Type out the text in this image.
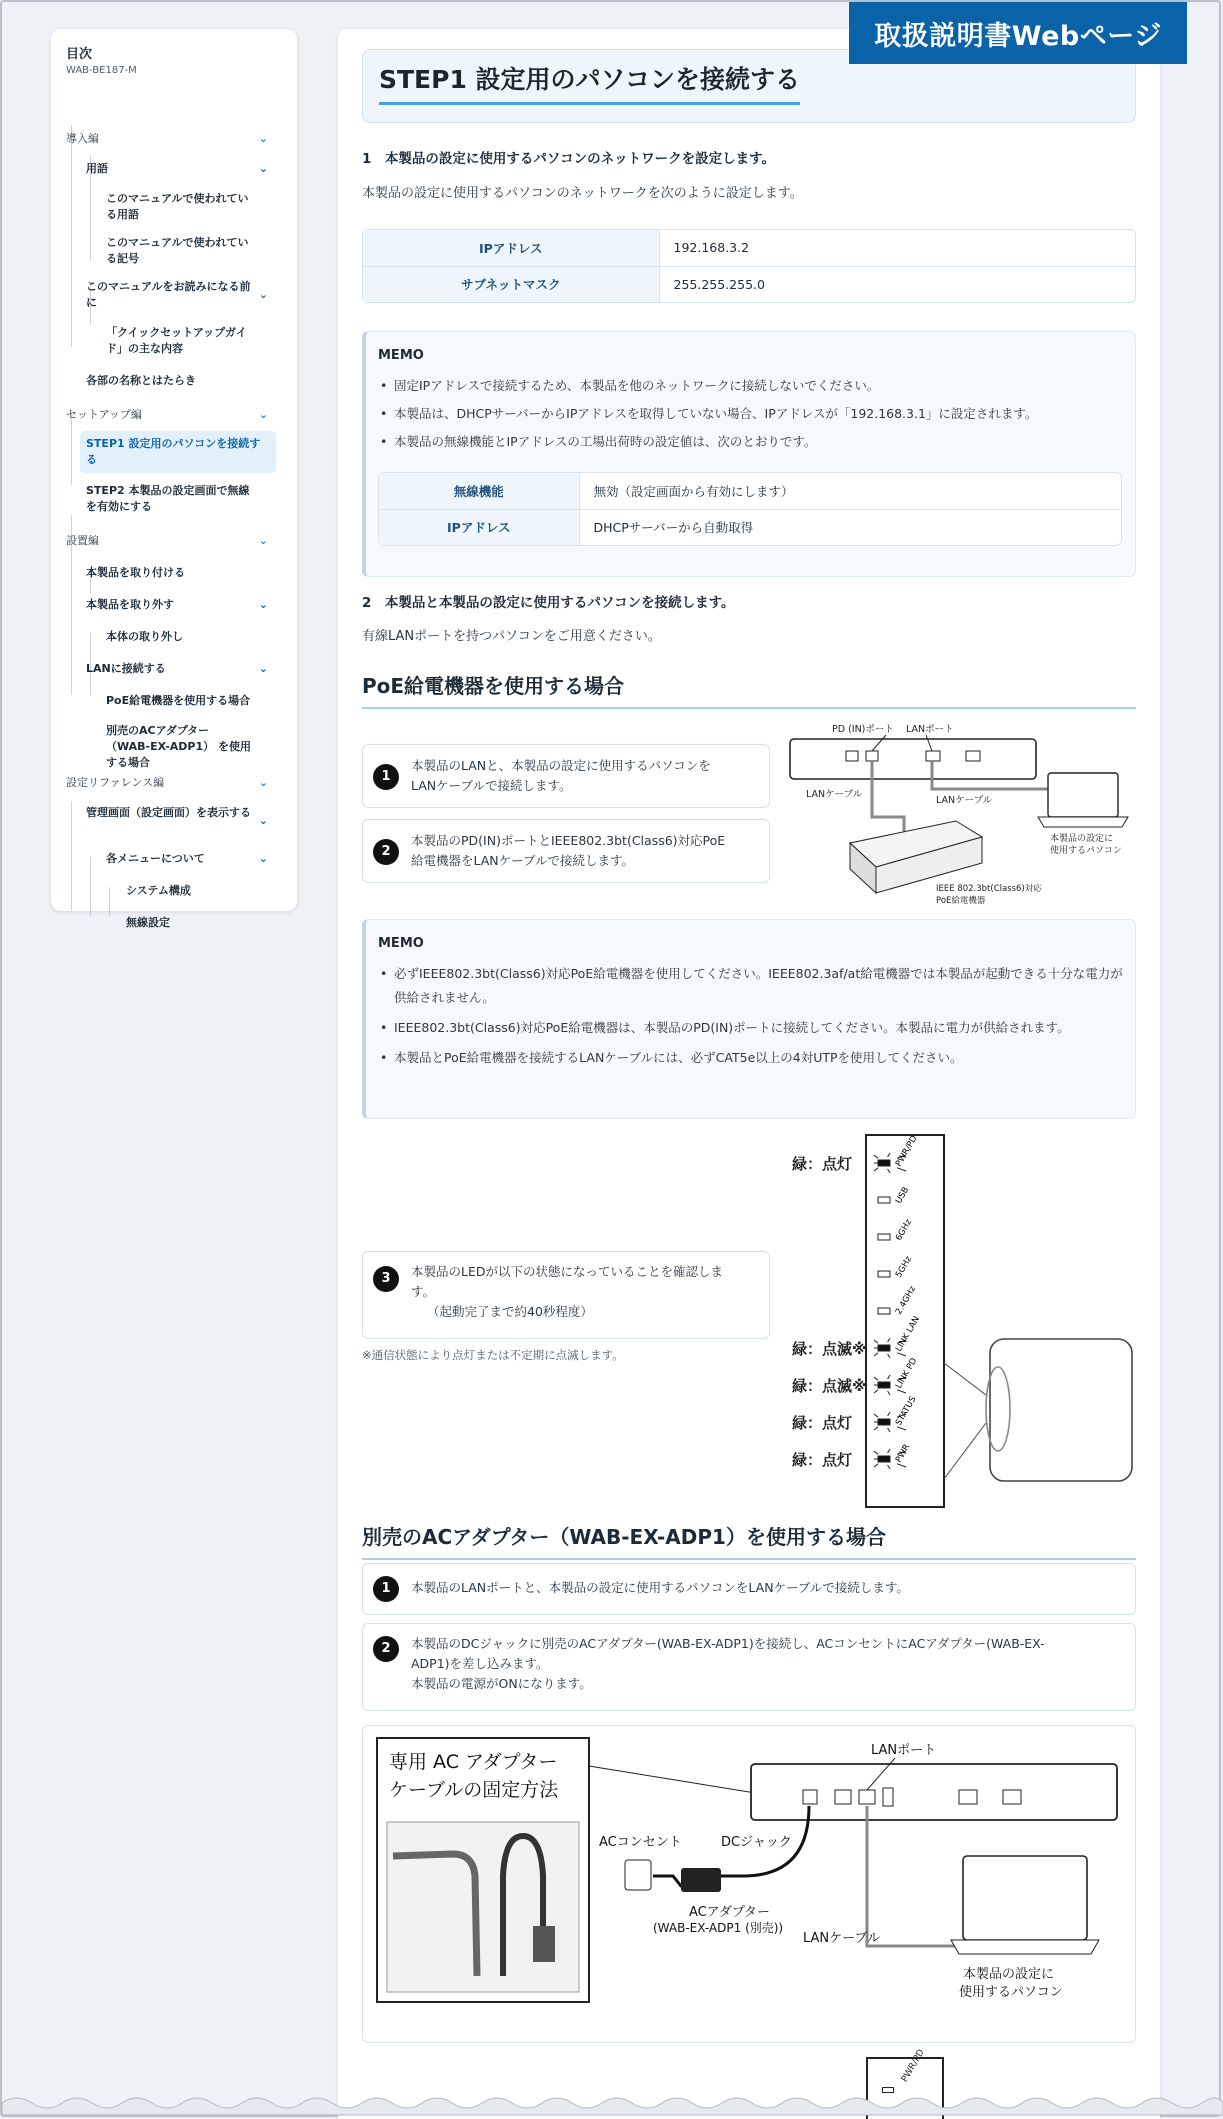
取扱説明書Webページ
目次
WAB-BE187-M
導入編	⌄
用語	⌄
このマニュアルで使われている用語
このマニュアルで使われている記号
このマニュアルをお読みになる前に
⌄
「クイックセットアップガイド」の主な内容
各部の名称とはたらき
セットアップ編	⌄
STEP1 設定用のパソコンを接続する
STEP2 本製品の設定画面で無線を有効にする
設置編	⌄
本製品を取り付ける
本製品を取り外す	⌄
本体の取り外し
LANに接続する	⌄
PoE給電機器を使用する場合
別売のACアダプター （WAB-EX-ADP1） を使用する場合
設定リファレンス編	⌄
管理画面（設定画面）を表示する
⌄
各メニューについて	⌄
システム構成
無線設定
STEP1 設定用のパソコンを接続する
1　本製品の設定に使用するパソコンのネットワークを設定します。
本製品の設定に使用するパソコンのネットワークを次のように設定します。
IPアドレス	192.168.3.2
サブネットマスク	255.255.255.0
MEMO
• 固定IPアドレスで接続するため、本製品を他のネットワークに接続しないでください。
• 本製品は、DHCPサーバーからIPアドレスを取得していない場合、IPアドレスが「192.168.3.1」に設定されます。
• 本製品の無線機能とIPアドレスの工場出荷時の設定値は、次のとおりです。
無線機能	無効（設定画面から有効にします）
IPアドレス	DHCPサーバーから自動取得
2　本製品と本製品の設定に使用するパソコンを接続します。
有線LANポートを持つパソコンをご用意ください。
PoE給電機器を使用する場合
1
本製品のLANと、本製品の設定に使用するパソコンを
LANケーブルで接続します。
2
本製品のPD(IN)ポートとIEEE802.3bt(Class6)対応PoE
給電機器をLANケーブルで接続します。
PD (IN)ポート LANポート
LANケーブル
LANケーブル
本製品の設定に
使用するパソコン
IEEE 802.3bt(Class6)対応
PoE給電機器
MEMO
• 必ずIEEE802.3bt(Class6)対応PoE給電機器を使用してください。IEEE802.3af/at給電機器では本製品が起動できる十分な電力が供給されません。
• IEEE802.3bt(Class6)対応PoE給電機器は、本製品のPD(IN)ポートに接続してください。本製品に電力が供給されます。
• 本製品とPoE給電機器を接続するLANケーブルには、必ずCAT5e以上の4対UTPを使用してください。
3	本製品のLEDが以下の状態になっていることを確認しま
す。
（起動完了まで約40秒程度）
※通信状態により点灯または不定期に点滅します。
PWR/PD
USB
6GHz
5GHz
2.4GHz
LINK LAN
LINK PD
STATUS
PWR
緑：点灯
緑：点滅※
緑：点滅※
緑：点灯
緑：点灯
別売のACアダプター（WAB-EX-ADP1）を使用する場合
1	本製品のLANポートと、本製品の設定に使用するパソコンをLANケーブルで接続します。
2	本製品のDCジャックに別売のACアダプター(WAB-EX-ADP1)を接続し、ACコンセントにACアダプター(WAB-EX-
ADP1)を差し込みます。
本製品の電源がONになります。
専用 AC アダプター
ケーブルの固定方法
LANポート
ACコンセント	DCジャック
ACアダプター
(WAB-EX-ADP1 (別売))
LANケーブル
本製品の設定に
使用するパソコン
PWR/PD
